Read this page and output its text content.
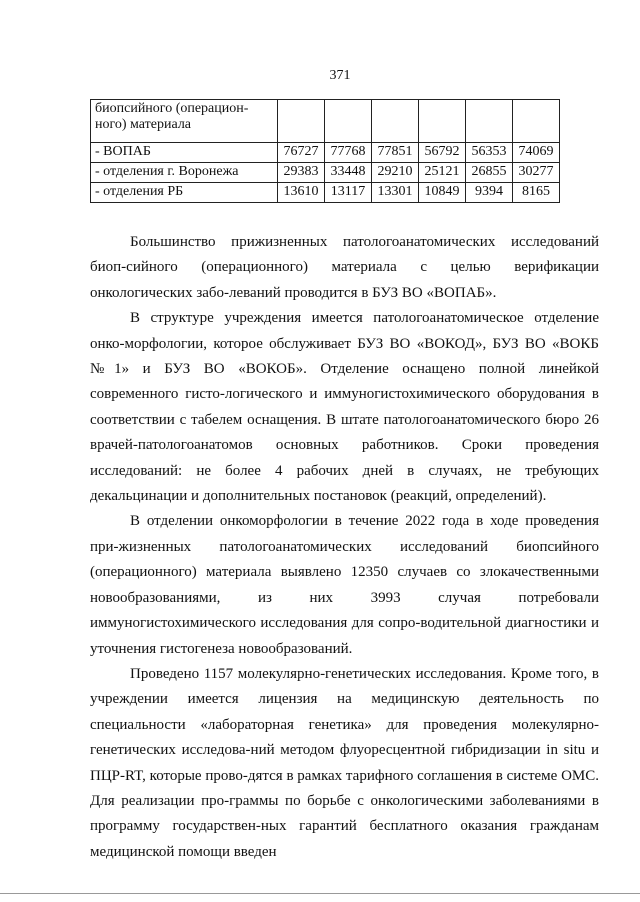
371
биопсийного (операцион-ного) материала						
- ВОПАБ	76727	77768	77851	56792	56353	74069
- отделения г. Воронежа	29383	33448	29210	25121	26855	30277
- отделения РБ	13610	13117	13301	10849	9394	8165

Большинство прижизненных патологоанатомических исследований биоп-сийного (операционного) материала с целью верификации онкологических забо-леваний проводится в БУЗ ВО «ВОПАБ».

В структуре учреждения имеется патологоанатомическое отделение онко-морфологии, которое обслуживает БУЗ ВО «ВОКОД», БУЗ ВО «ВОКБ №1» и БУЗ ВО «ВОКОБ». Отделение оснащено полной линейкой современного гисто-логического и иммуногистохимического оборудования в соответствии с табелем оснащения. В штате патологоанатомического бюро 26 врачей-патологоанатомов основных работников. Сроки проведения исследований: не более 4 рабочих дней в случаях, не требующих декальцинации и дополнительных постановок (реакций, определений).

В отделении онкоморфологии в течение 2022 года в ходе проведения при-жизненных патологоанатомических исследований биопсийного (операционного) материала выявлено 12350 случаев со злокачественными новообразованиями, из них 3993 случая потребовали иммуногистохимического исследования для сопро-водительной диагностики и уточнения гистогенеза новообразований.

Проведено 1157 молекулярно-генетических исследования. Кроме того, в учреждении имеется лицензия на медицинскую деятельность по специальности «лабораторная генетика» для проведения молекулярно-генетических исследова-ний методом флуоресцентной гибридизации in situ и ПЦР-RT, которые прово-дятся в рамках тарифного соглашения в системе ОМС. Для реализации про-граммы по борьбе с онкологическими заболеваниями в программу государствен-ных гарантий бесплатного оказания гражданам медицинской помощи введен
